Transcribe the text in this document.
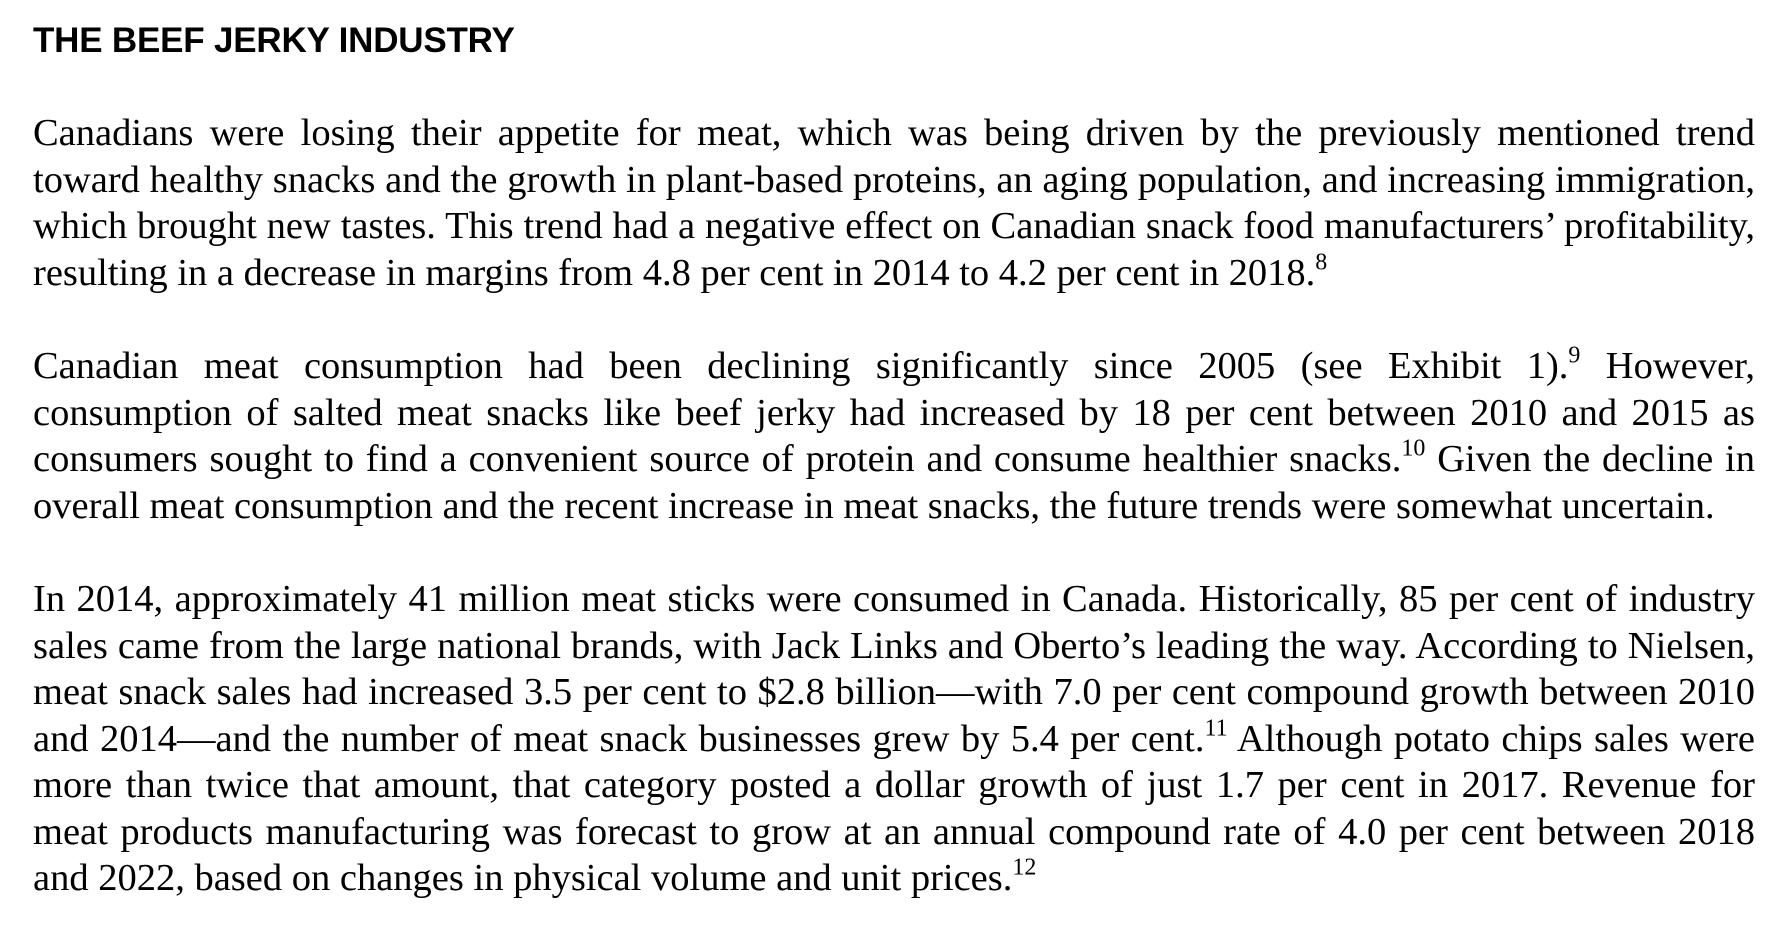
THE BEEF JERKY INDUSTRY

Canadians were losing their appetite for meat, which was being driven by the previously mentioned trend toward healthy snacks and the growth in plant-based proteins, an aging population, and increasing immigration, which brought new tastes. This trend had a negative effect on Canadian snack food manufacturers’ profitability, resulting in a decrease in margins from 4.8 per cent in 2014 to 4.2 per cent in 2018.$^8$

Canadian meat consumption had been declining significantly since 2005 (see Exhibit 1).$^9$ However, consumption of salted meat snacks like beef jerky had increased by 18 per cent between 2010 and 2015 as consumers sought to find a convenient source of protein and consume healthier snacks.$^{10}$ Given the decline in overall meat consumption and the recent increase in meat snacks, the future trends were somewhat uncertain.

In 2014, approximately 41 million meat sticks were consumed in Canada. Historically, 85 per cent of industry sales came from the large national brands, with Jack Links and Oberto’s leading the way. According to Nielsen, meat snack sales had increased 3.5 per cent to $2.8 billion—with 7.0 per cent compound growth between 2010 and 2014—and the number of meat snack businesses grew by 5.4 per cent.$^{11}$ Although potato chips sales were more than twice that amount, that category posted a dollar growth of just 1.7 per cent in 2017. Revenue for meat products manufacturing was forecast to grow at an annual compound rate of 4.0 per cent between 2018 and 2022, based on changes in physical volume and unit prices.$^{12}$
